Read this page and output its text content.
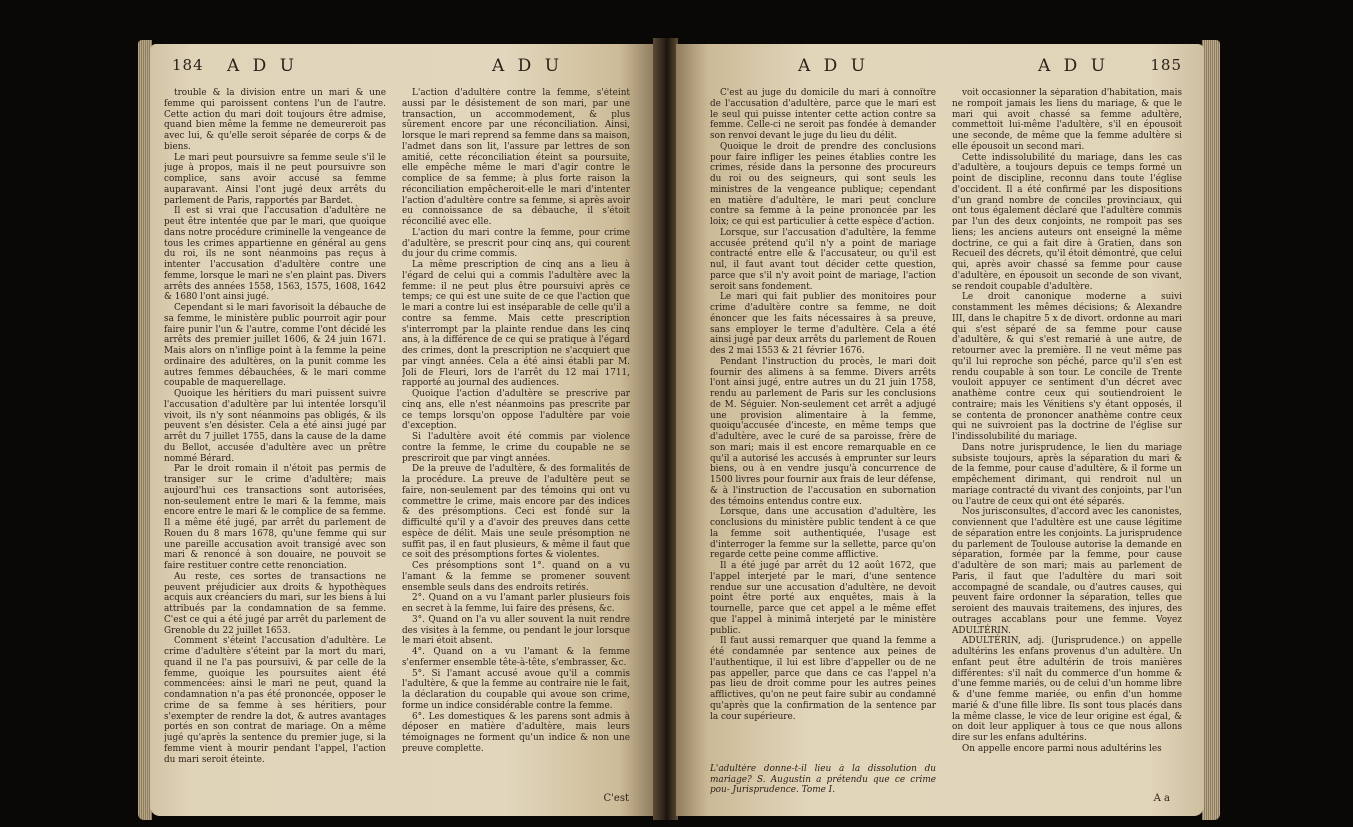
184 A D U	A D U

trouble & la division entre un mari & une femme qui paroissent contens l'un de l'autre. Cette action du mari doit toujours être admise, quand bien même la femme ne demeureroit pas avec lui, & qu'elle seroit séparée de corps & de biens.

Le mari peut poursuivre sa femme seule s'il le juge à propos, mais il ne peut poursuivre son complice, sans avoir accusé sa femme auparavant. Ainsi l'ont jugé deux arrêts du parlement de Paris, rapportés par Bardet.

Il est si vrai que l'accusation d'adultère ne peut être intentée que par le mari, que quoique dans notre procédure criminelle la vengeance de tous les crimes appartienne en général au gens du roi, ils ne sont néanmoins pas reçus à intenter l'accusation d'adultère contre une femme, lorsque le mari ne s'en plaint pas. Divers arrêts des années 1558, 1563, 1575, 1608, 1642 & 1680 l'ont ainsi jugé.

Cependant si le mari favorisoit la débauche de sa femme, le ministère public pourroit agir pour faire punir l'un & l'autre, comme l'ont décidé les arrêts des premier juillet 1606, & 24 juin 1671. Mais alors on n'inflige point à la femme la peine ordinaire des adultères, on la punit comme les autres femmes débauchées, & le mari comme coupable de maquerellage.

Quoique les héritiers du mari puissent suivre l'accusation d'adultère par lui intentée lorsqu'il vivoit, ils n'y sont néanmoins pas obligés, & ils peuvent s'en désister. Cela a été ainsi jugé par arrêt du 7 juillet 1755, dans la cause de la dame du Bellot, accusée d'adultère avec un prêtre nommé Bérard.

Par le droit romain il n'étoit pas permis de transiger sur le crime d'adultère; mais aujourd'hui ces transactions sont autorisées, non-seulement entre le mari & la femme, mais encore entre le mari & le complice de sa femme. Il a même été jugé, par arrêt du parlement de Rouen du 8 mars 1678, qu'une femme qui sur une pareille accusation avoit transigé avec son mari & renoncé à son douaire, ne pouvoit se faire restituer contre cette renonciation.

Au reste, ces sortes de transactions ne peuvent préjudicier aux droits & hypothèques acquis aux créanciers du mari, sur les biens à lui attribués par la condamnation de sa femme. C'est ce qui a été jugé par arrêt du parlement de Grenoble du 22 juillet 1653.

Comment s'éteint l'accusation d'adultère. Le crime d'adultère s'éteint par la mort du mari, quand il ne l'a pas poursuivi, & par celle de la femme, quoique les poursuites aient été commencées: ainsi le mari ne peut, quand la condamnation n'a pas été prononcée, opposer le crime de sa femme à ses héritiers, pour s'exempter de rendre la dot, & autres avantages portés en son contrat de mariage. On a même jugé qu'après la sentence du premier juge, si la femme vient à mourir pendant l'appel, l'action du mari seroit éteinte.

L'action d'adultère contre la femme, s'éteint aussi par le désistement de son mari, par une transaction, un accommodement, & plus sûrement encore par une réconciliation. Ainsi, lorsque le mari reprend sa femme dans sa maison, l'admet dans son lit, l'assure par lettres de son amitié, cette réconciliation éteint sa poursuite, elle empêche même le mari d'agir contre le complice de sa femme; à plus forte raison la réconciliation empêcheroit-elle le mari d'intenter l'action d'adultère contre sa femme, si après avoir eu connoissance de sa débauche, il s'étoit réconcilié avec elle.

L'action du mari contre la femme, pour crime d'adultère, se prescrit pour cinq ans, qui courent du jour du crime commis.

La même prescription de cinq ans a lieu à l'égard de celui qui a commis l'adultère avec la femme: il ne peut plus être poursuivi après ce temps; ce qui est une suite de ce que l'action que le mari a contre lui est inséparable de celle qu'il a contre sa femme. Mais cette prescription s'interrompt par la plainte rendue dans les cinq ans, à la différence de ce qui se pratique à l'égard des crimes, dont la prescription ne s'acquiert que par vingt années. Cela a été ainsi établi par M. Joli de Fleuri, lors de l'arrêt du 12 mai 1711, rapporté au journal des audiences.

Quoique l'action d'adultère se prescrive par cinq ans, elle n'est néanmoins pas prescrite par ce temps lorsqu'on oppose l'adultère par voie d'exception.

Si l'adultère avoit été commis par violence contre la femme, le crime du coupable ne se prescriroit que par vingt années.

De la preuve de l'adultère, & des formalités de la procédure. La preuve de l'adultère peut se faire, non-seulement par des témoins qui ont vu commettre le crime, mais encore par des indices & des présomptions. Ceci est fondé sur la difficulté qu'il y a d'avoir des preuves dans cette espèce de délit. Mais une seule présomption ne suffit pas, il en faut plusieurs, & même il faut que ce soit des présomptions fortes & violentes.

Ces présomptions sont 1°. quand on a vu l'amant & la femme se promener souvent ensemble seuls dans des endroits retirés.

2°. Quand on a vu l'amant parler plusieurs fois en secret à la femme, lui faire des présens, &c.

3°. Quand on l'a vu aller souvent la nuit rendre des visites à la femme, ou pendant le jour lorsque le mari étoit absent.

4°. Quand on a vu l'amant & la femme s'enfermer ensemble tête-à-tête, s'embrasser, &c.

5°. Si l'amant accusé avoue qu'il a commis l'adultère, & que la femme au contraire nie le fait, la déclaration du coupable qui avoue son crime, forme un indice considérable contre la femme.

6°. Les domestiques & les parens sont admis à déposer en matière d'adultère, mais leurs témoignages ne forment qu'un indice & non une preuve complette.

C'est
A D U	A D U	185

C'est au juge du domicile du mari à connoître de l'accusation d'adultère, parce que le mari est le seul qui puisse intenter cette action contre sa femme. Celle-ci ne seroit pas fondée à demander son renvoi devant le juge du lieu du délit.

Quoique le droit de prendre des conclusions pour faire infliger les peines établies contre les crimes, réside dans la personne des procureurs du roi ou des seigneurs, qui sont seuls les ministres de la vengeance publique; cependant en matière d'adultère, le mari peut conclure contre sa femme à la peine prononcée par les loix; ce qui est particulier à cette espèce d'action.

Lorsque, sur l'accusation d'adultère, la femme accusée prétend qu'il n'y a point de mariage contracté entre elle & l'accusateur, ou qu'il est nul, il faut avant tout décider cette question, parce que s'il n'y avoit point de mariage, l'action seroit sans fondement.

Le mari qui fait publier des monitoires pour crime d'adultère contre sa femme, ne doit énoncer que les faits nécessaires à sa preuve, sans employer le terme d'adultère. Cela a été ainsi jugé par deux arrêts du parlement de Rouen des 2 mai 1553 & 21 février 1676.

Pendant l'instruction du procès, le mari doit fournir des alimens à sa femme. Divers arrêts l'ont ainsi jugé, entre autres un du 21 juin 1758, rendu au parlement de Paris sur les conclusions de M. Séguier. Non-seulement cet arrêt a adjugé une provision alimentaire à la femme, quoiqu'accusée d'inceste, en même temps que d'adultère, avec le curé de sa paroisse, frère de son mari; mais il est encore remarquable en ce qu'il a autorisé les accusés à emprunter sur leurs biens, ou à en vendre jusqu'à concurrence de 1500 livres pour fournir aux frais de leur défense, & à l'instruction de l'accusation en subornation des témoins entendus contre eux.

Lorsque, dans une accusation d'adultère, les conclusions du ministère public tendent à ce que la femme soit authentiquée, l'usage est d'interroger la femme sur la sellette, parce qu'on regarde cette peine comme afflictive.

Il a été jugé par arrêt du 12 août 1672, que l'appel interjeté par le mari, d'une sentence rendue sur une accusation d'adultère, ne devoit point être porté aux enquêtes, mais à la tournelle, parce que cet appel a le même effet que l'appel à minimâ interjeté par le ministère public.

Il faut aussi remarquer que quand la femme a été condamnée par sentence aux peines de l'authentique, il lui est libre d'appeller ou de ne pas appeller, parce que dans ce cas l'appel n'a pas lieu de droit comme pour les autres peines afflictives, qu'on ne peut faire subir au condamné qu'après que la confirmation de la sentence par la cour supérieure.

L'adultère donne-t-il lieu à la dissolution du mariage? S. Augustin a prétendu que ce crime pou- Jurisprudence. Tome I.

voit occasionner la séparation d'habitation, mais ne rompoit jamais les liens du mariage, & que le mari qui avoit chassé sa femme adultère, commettoit lui-même l'adultère, s'il en épousoit une seconde, de même que la femme adultère si elle épousoit un second mari.

Cette indissolubilité du mariage, dans les cas d'adultère, a toujours depuis ce temps formé un point de discipline, reconnu dans toute l'église d'occident. Il a été confirmé par les dispositions d'un grand nombre de conciles provinciaux, qui ont tous également déclaré que l'adultère commis par l'un des deux conjoints, ne rompoit pas ses liens; les anciens auteurs ont enseigné la même doctrine, ce qui a fait dire à Gratien, dans son Recueil des décrets, qu'il étoit démontré, que celui qui, après avoir chassé sa femme pour cause d'adultère, en épousoit un seconde de son vivant, se rendoit coupable d'adultère.

Le droit canonique moderne a suivi constamment les mêmes décisions; & Alexandre III, dans le chapitre 5 x de divort. ordonne au mari qui s'est séparé de sa femme pour cause d'adultère, & qui s'est remarié à une autre, de retourner avec la première. Il ne veut même pas qu'il lui reproche son péché, parce qu'il s'en est rendu coupable à son tour. Le concile de Trente vouloit appuyer ce sentiment d'un décret avec anathème contre ceux qui soutiendroient le contraire; mais les Vénitiens s'y étant opposés, il se contenta de prononcer anathème contre ceux qui ne suivroient pas la doctrine de l'église sur l'indissolubilité du mariage.

Dans notre jurisprudence, le lien du mariage subsiste toujours, après la séparation du mari & de la femme, pour cause d'adultère, & il forme un empêchement dirimant, qui rendroit nul un mariage contracté du vivant des conjoints, par l'un ou l'autre de ceux qui ont été séparés.

Nos jurisconsultes, d'accord avec les canonistes, conviennent que l'adultère est une cause légitime de séparation entre les conjoints. La jurisprudence du parlement de Toulouse autorise la demande en séparation, formée par la femme, pour cause d'adultère de son mari; mais au parlement de Paris, il faut que l'adultère du mari soit accompagné de scandale, ou d'autres causes, qui peuvent faire ordonner la séparation, telles que seroient des mauvais traitemens, des injures, des outrages accablans pour une femme. Voyez ADULTÉRIN.

ADULTÉRIN, adj. (Jurisprudence.) on appelle adultérins les enfans provenus d'un adultère. Un enfant peut être adultérin de trois manières différentes: s'il naît du commerce d'un homme & d'une femme mariés, ou de celui d'un homme libre & d'une femme mariée, ou enfin d'un homme marié & d'une fille libre. Ils sont tous placés dans la même classe, le vice de leur origine est égal, & on doit leur appliquer à tous ce que nous allons dire sur les enfans adultérins.

On appelle encore parmi nous adultérins les

A a
